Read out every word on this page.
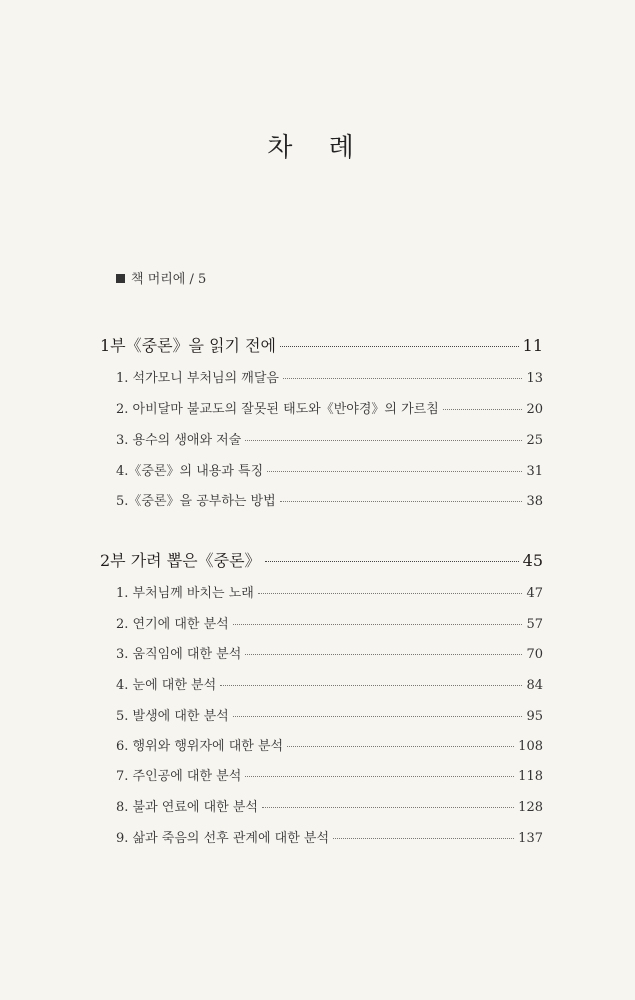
차 례
책 머리에 / 5
1부《중론》을 읽기 전에	11
1. 석가모니 부처님의 깨달음	13
2. 아비달마 불교도의 잘못된 태도와《반야경》의 가르침	20
3. 용수의 생애와 저술	25
4.《중론》의 내용과 특징	31
5.《중론》을 공부하는 방법	38
2부 가려 뽑은《중론》	45
1. 부처님께 바치는 노래	47
2. 연기에 대한 분석	57
3. 움직임에 대한 분석	70
4. 눈에 대한 분석	84
5. 발생에 대한 분석	95
6. 행위와 행위자에 대한 분석	108
7. 주인공에 대한 분석	118
8. 불과 연료에 대한 분석	128
9. 삶과 죽음의 선후 관계에 대한 분석	137
